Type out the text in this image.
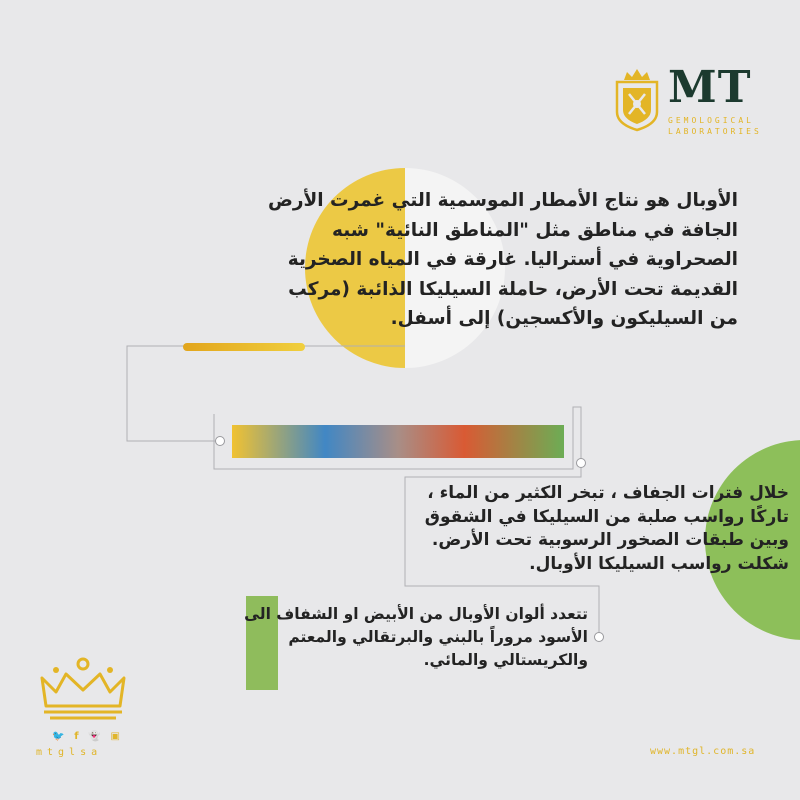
MT
GEMOLOGICAL
LABORATORIES
الأوبال هو نتاج الأمطار الموسمية التي غمرت الأرض الجافة في مناطق مثل "المناطق النائية" شبه الصحراوية في أستراليا. غارقة في المياه الصخرية القديمة تحت الأرض، حاملة السيليكا الذائبة (مركب من السيليكون والأكسجين) إلى أسفل.
خلال فترات الجفاف ، تبخر الكثير من الماء ، تاركًا رواسب صلبة من السيليكا في الشقوق وبين طبقات الصخور الرسوبية تحت الأرض. شكلت رواسب السيليكا الأوبال.
تتعدد ألوان الأوبال من الأبيض او الشفاف الى الأسود مروراً بالبني والبرتقالي والمعتم والكريستالي والمائي.
🐦 f 👻 ▣
mtglsa	www.mtgl.com.sa
